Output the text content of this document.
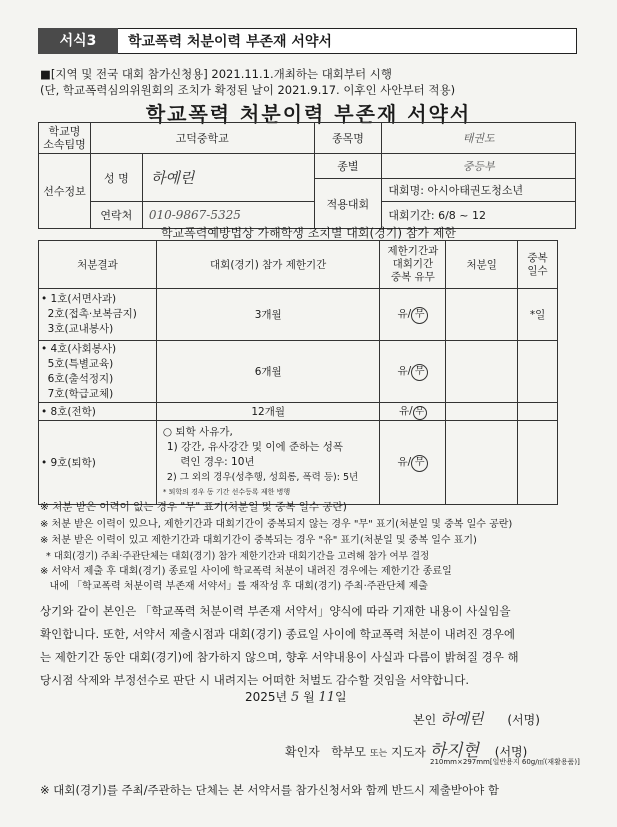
서식3	학교폭력 처분이력 부존재 서약서
■[지역 및 전국 대회 참가신청용] 2021.11.1.개최하는 대회부터 시행
(단, 학교폭력심의위원회의 조치가 확정된 날이 2021.9.17. 이후인 사안부터 적용)
학교폭력 처분이력 부존재 서약서
학교명
소속팀명	고덕중학교		종목명	태권도
선수정보	성 명	하예린	종별	중등부
			적용대회	대회명: 아시아태권도청소년
	연락처	010-9867-5325		대회기간: 6/8 ~ 12
학교폭력예방법상 가해학생 조치별 대회(경기) 참가 제한
처분결과	대회(경기) 참가 제한기간	제한기간과
대회기간
중복 유무	처분일	중복
일수
• 1호(서면사과)
2호(접촉·보복금지)
3호(교내봉사)	3개월	유/ 무		*일
• 4호(사회봉사)
5호(특별교육)
6호(출석정지)
7호(학급교체)	6개월	유/ 무		
• 8호(전학)	12개월	유/ 무		
• 9호(퇴학)	○ 퇴학 사유가,
1) 강간, 유사강간 및 이에 준하는 성폭
력인 경우: 10년
2) 그 외의 경우(성추행, 성희롱, 폭력 등): 5년
* 퇴학의 경우 동 기간 선수등록 제한 병행	유/ 무		
※ 처분 받은 이력이 없는 경우 "무" 표기(처분일 및 중복 일수 공란)
※ 처분 받은 이력이 있으나, 제한기간과 대회기간이 중복되지 않는 경우 "무" 표기(처분일 및 중복 일수 공란)
※ 처분 받은 이력이 있고 제한기간과 대회기간이 중복되는 경우 "유" 표기(처분일 및 중복 일수 표기)
* 대회(경기) 주최·주관단체는 대회(경기) 참가 제한기간과 대회기간을 고려해 참가 여부 결정
※ 서약서 제출 후 대회(경기) 종료일 사이에 학교폭력 처분이 내려진 경우에는 제한기간 종료일
내에 「학교폭력 처분이력 부존재 서약서」를 재작성 후 대회(경기) 주최·주관단체 제출
상기와 같이 본인은 「학교폭력 처분이력 부존재 서약서」양식에 따라 기재한 내용이 사실임을
확인합니다. 또한, 서약서 제출시점과 대회(경기) 종료일 사이에 학교폭력 처분이 내려진 경우에
는 제한기간 동안 대회(경기)에 참가하지 않으며, 향후 서약내용이 사실과 다름이 밝혀질 경우 해
당시점 삭제와 부정선수로 판단 시 내려지는 어떠한 처벌도 감수할 것임을 서약합니다.
2025년 5 월 11일
본인 하예린 (서명)
확인자   학부모 또는 지도자 하지현 (서명)
210mm×297mm[일반용지 60g/㎡(재활용품)]
※ 대회(경기)를 주최/주관하는 단체는 본 서약서를 참가신청서와 함께 반드시 제출받아야 함
